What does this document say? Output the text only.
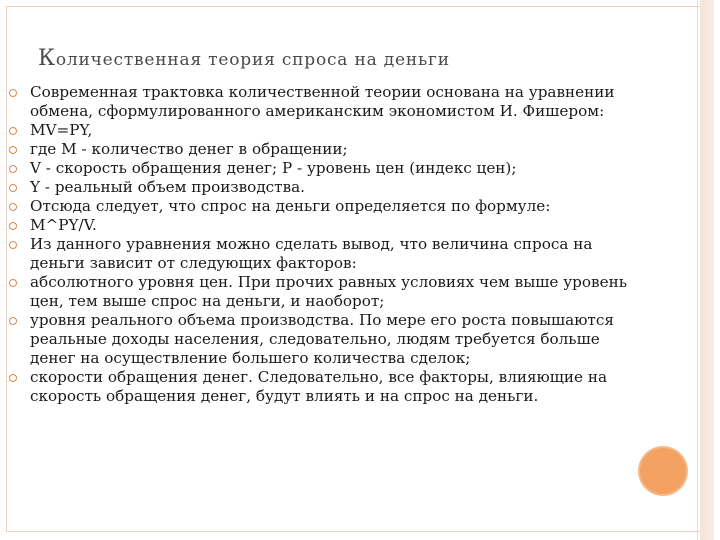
Количественная теория спроса на деньги
Современная трактовка количественной теории основана на уравнении
обмена, сформулированного американским экономистом И. Фишером:
MV=PY,
где М - количество денег в обращении;
V - скорость обращения денег; Р - уровень цен (индекс цен);
Y - реальный объем производства.
Отсюда следует, что спрос на деньги определяется по формуле:
M^PY/V.
Из данного уравнения можно сделать вывод, что величина спроса на
деньги зависит от следующих факторов:
абсолютного уровня цен. При прочих равных условиях чем выше уровень
цен, тем выше спрос на деньги, и наоборот;
уровня реального объема производства. По мере его роста повышаются
реальные доходы населения, следовательно, людям требуется больше
денег на осуществление большего количества сделок;
скорости обращения денег. Следовательно, все факторы, влияющие на
скорость обращения денег, будут влиять и на спрос на деньги.
